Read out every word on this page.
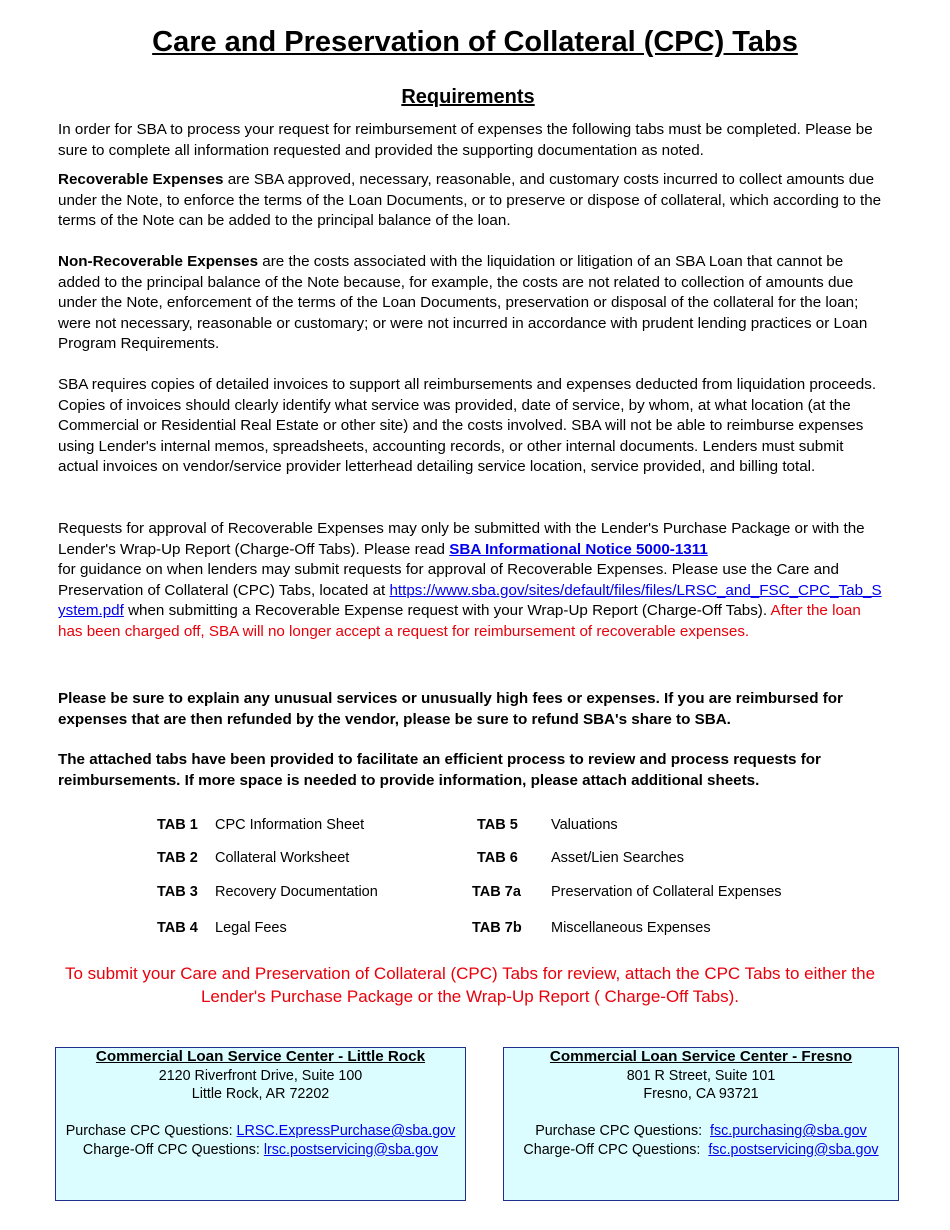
Care and Preservation of Collateral (CPC) Tabs
Requirements

In order for SBA to process your request for reimbursement of expenses the following tabs must be completed. Please be sure to complete all information requested and provided the supporting documentation as noted.

Recoverable Expenses are SBA approved, necessary, reasonable, and customary costs incurred to collect amounts due under the Note, to enforce the terms of the Loan Documents, or to preserve or dispose of collateral, which according to the terms of the Note can be added to the principal balance of the loan.

Non-Recoverable Expenses are the costs associated with the liquidation or litigation of an SBA Loan that cannot be added to the principal balance of the Note because, for example, the costs are not related to collection of amounts due under the Note, enforcement of the terms of the Loan Documents, preservation or disposal of the collateral for the loan; were not necessary, reasonable or customary; or were not incurred in accordance with prudent lending practices or Loan Program Requirements.

SBA requires copies of detailed invoices to support all reimbursements and expenses deducted from liquidation proceeds. Copies of invoices should clearly identify what service was provided, date of service, by whom, at what location (at the Commercial or Residential Real Estate or other site) and the costs involved. SBA will not be able to reimburse expenses using Lender's internal memos, spreadsheets, accounting records, or other internal documents. Lenders must submit actual invoices on vendor/service provider letterhead detailing service location, service provided, and billing total.

Requests for approval of Recoverable Expenses may only be submitted with the Lender's Purchase Package or with the Lender's Wrap-Up Report (Charge-Off Tabs). Please read SBA Informational Notice 5000-1311
for guidance on when lenders may submit requests for approval of Recoverable Expenses. Please use the Care and Preservation of Collateral (CPC) Tabs, located at https://www.sba.gov/sites/default/files/files/LRSC_and_FSC_CPC_Tab_System.pdf when submitting a Recoverable Expense request with your Wrap-Up Report (Charge-Off Tabs). After the loan has been charged off, SBA will no longer accept a request for reimbursement of recoverable expenses.

Please be sure to explain any unusual services or unusually high fees or expenses. If you are reimbursed for expenses that are then refunded by the vendor, please be sure to refund SBA's share to SBA.

The attached tabs have been provided to facilitate an efficient process to review and process requests for reimbursements. If more space is needed to provide information, please attach additional sheets.

TAB 1 CPC Information Sheet
TAB 2 Collateral Worksheet
TAB 3 Recovery Documentation
TAB 4 Legal Fees
TAB 5 Valuations
TAB 6 Asset/Lien Searches
TAB 7a Preservation of Collateral Expenses
TAB 7b Miscellaneous Expenses
To submit your Care and Preservation of Collateral (CPC) Tabs for review, attach the CPC Tabs to either the Lender's Purchase Package or the Wrap-Up Report ( Charge-Off Tabs).
Commercial Loan Service Center - Little Rock
2120 Riverfront Drive, Suite 100
Little Rock, AR 72202
Purchase CPC Questions: LRSC.ExpressPurchase@sba.gov
Charge-Off CPC Questions: lrsc.postservicing@sba.gov
Commercial Loan Service Center - Fresno
801 R Street, Suite 101
Fresno, CA 93721
Purchase CPC Questions:  fsc.purchasing@sba.gov
Charge-Off CPC Questions:  fsc.postservicing@sba.gov
